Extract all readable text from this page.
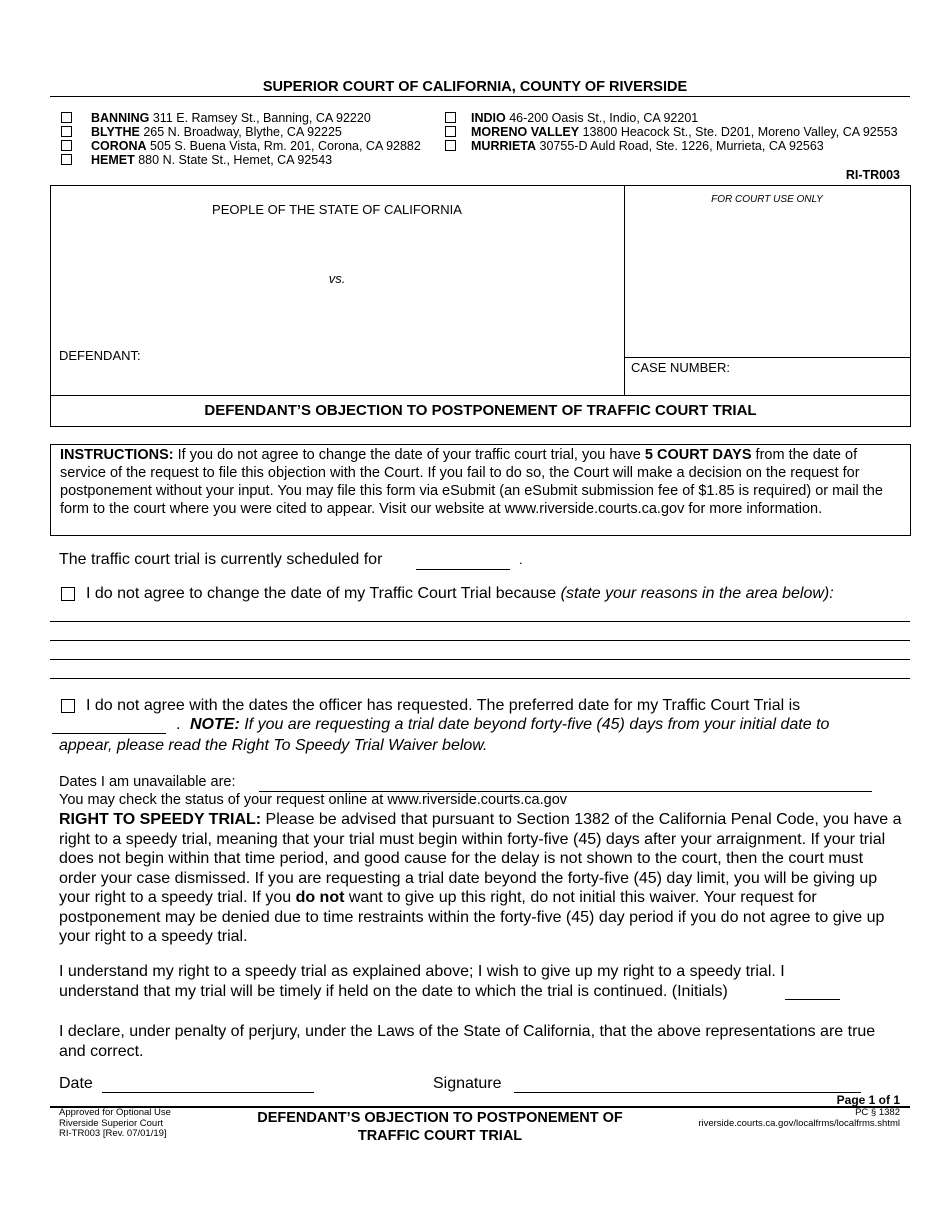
SUPERIOR COURT OF CALIFORNIA, COUNTY OF RIVERSIDE
BANNING 311 E. Ramsey St., Banning, CA 92220
BLYTHE 265 N. Broadway, Blythe, CA 92225
CORONA 505 S. Buena Vista, Rm. 201, Corona, CA 92882
HEMET 880 N. State St., Hemet, CA 92543
INDIO 46-200 Oasis St., Indio, CA 92201
MORENO VALLEY 13800 Heacock St., Ste. D201, Moreno Valley, CA 92553
MURRIETA 30755-D Auld Road, Ste. 1226, Murrieta, CA 92563
RI-TR003
PEOPLE OF THE STATE OF CALIFORNIA
vs.
DEFENDANT:
FOR COURT USE ONLY
CASE NUMBER:
DEFENDANT’S OBJECTION TO POSTPONEMENT OF TRAFFIC COURT TRIAL
INSTRUCTIONS: If you do not agree to change the date of your traffic court trial, you have 5 COURT DAYS from the date of service of the request to file this objection with the Court. If you fail to do so, the Court will make a decision on the request for postponement without your input. You may file this form via eSubmit (an eSubmit submission fee of $1.85 is required) or mail the form to the court where you were cited to appear. Visit our website at www.riverside.courts.ca.gov for more information.
The traffic court trial is currently scheduled for	.
I do not agree to change the date of my Traffic Court Trial because (state your reasons in the area below):
I do not agree with the dates the officer has requested. The preferred date for my Traffic Court Trial is
. NOTE: If you are requesting a trial date beyond forty-five (45) days from your initial date to
appear, please read the Right To Speedy Trial Waiver below.
Dates I am unavailable are:
You may check the status of your request online at www.riverside.courts.ca.gov
RIGHT TO SPEEDY TRIAL: Please be advised that pursuant to Section 1382 of the California Penal Code, you have a right to a speedy trial, meaning that your trial must begin within forty-five (45) days after your arraignment. If your trial does not begin within that time period, and good cause for the delay is not shown to the court, then the court must order your case dismissed. If you are requesting a trial date beyond the forty-five (45) day limit, you will be giving up your right to a speedy trial. If you do not want to give up this right, do not initial this waiver. Your request for postponement may be denied due to time restraints within the forty-five (45) day period if you do not agree to give up your right to a speedy trial.
I understand my right to a speedy trial as explained above; I wish to give up my right to a speedy trial. I understand that my trial will be timely if held on the date to which the trial is continued. (Initials)
I declare, under penalty of perjury, under the Laws of the State of California, that the above representations are true and correct.
Date	Signature
Page 1 of 1
Approved for Optional Use
Riverside Superior Court
RI-TR003 [Rev. 07/01/19]
DEFENDANT’S OBJECTION TO POSTPONEMENT OF
TRAFFIC COURT TRIAL
PC § 1382
riverside.courts.ca.gov/localfrms/localfrms.shtml
